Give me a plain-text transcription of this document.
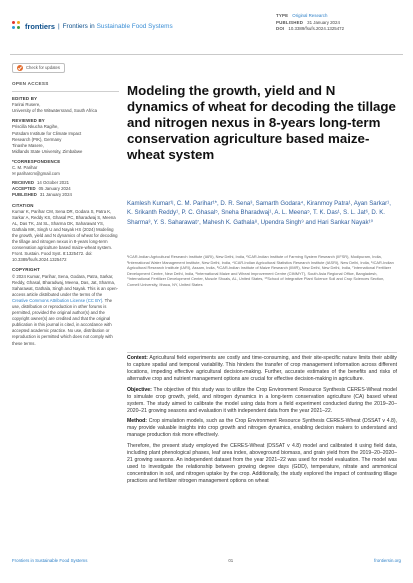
frontiers | Frontiers in Sustainable Food Systems
TYPE Original Research
PUBLISHED 31 January 2024
DOI 10.3389/fsufs.2024.1325472
Check for updates
OPEN ACCESS
EDITED BY
Farirai Rusere,
University of the Witwatersrand, South Africa
REVIEWED BY
Priscilla Nkucha Ragihe,
Potsdam Institute for Climate Impact
Research (PIK), Germany
Tinashe Masere,
Midlands State University, Zimbabwe
*CORRESPONDENCE
C. M. Parihar
✉ pariharcm@gmail.com
RECEIVED 14 October 2021
ACCEPTED 05 January 2024
PUBLISHED 31 January 2024
CITATION
Kumar K, Parihar CM, Sena DR, Godara S, Patra K, Sarkar A, Reddy KS, Ghasal PC, Bharadwaj S, Meena AL, Das TK, Jat SL, Sharma DK, Saharawat YS, Gathala MK, Singh U and Nayak HS (2024) Modeling the growth, yield and N dynamics of wheat for decoding the tillage and nitrogen nexus in 8-years long-term conservation agriculture based maize-wheat system. Front. Sustain. Food Syst. 8:1325472. doi: 10.3389/fsufs.2024.1325472
COPYRIGHT
© 2024 Kumar, Parihar, Sena, Godara, Patra, Sarkar, Reddy, Ghasal, Bharadwaj, Meena, Das, Jat, Sharma, Saharawat, Gathala, Singh and Nayak. This is an open-access article distributed under the terms of the Creative Commons Attribution License (CC BY). The use, distribution or reproduction in other forums is permitted, provided the original author(s) and the copyright owner(s) are credited and that the original publication in this journal is cited, in accordance with accepted academic practice. No use, distribution or reproduction is permitted which does not comply with these terms.
Modeling the growth, yield and N dynamics of wheat for decoding the tillage and nitrogen nexus in 8-years long-term conservation agriculture based maize-wheat system
Kamlesh Kumar¹ʲ, C. M. Parihar¹*, D. R. Sena³, Samarth Godara⁴, Kiranmoy Patra¹, Ayan Sarkar¹, K. Srikanth Reddy¹, P. C. Ghasal⁵, Sneha Bharadwaj¹, A. L. Meena⁵, T. K. Das¹, S. L. Jat⁶, D. K. Sharma³, Y. S. Saharawat⁷, Mahesh K. Gathala⁸, Upendra Singh⁹ and Hari Sankar Nayak¹⁰
¹ICAR-Indian Agricultural Research Institute (IARI), New Delhi, India, ²ICAR-Indian Institute of Farming System Research (IIFSR), Modipuram, India, ³International Water Management Institute, New Delhi, India, ⁴ICAR-Indian Agricultural Statistics Research Institute (IASRI), New Delhi, India, ⁵ICAR-Indian Agricultural Research Institute (IARI), Assam, India, ⁶ICAR-Indian Institute of Maize Research (IIMR), New Delhi, New Delhi, India, ⁷International Fertilizer Development Centre, New Delhi, India, ⁸International Maize and Wheat Improvement Centre (CIMMYT), South Asia Regional Office, Bangladesh, ⁹International Fertilizer Development Center, Muscle Shoals, AL, United States, ¹⁰School of Integrative Plant Science Soil and Crop Sciences Section, Cornell University, Ithaca, NY, United States

Context: Agricultural field experiments are costly and time-consuming, and their site-specific nature limits their ability to capture spatial and temporal variability. This hinders the transfer of crop management information across different locations, impeding effective agricultural decision-making. Further, accurate estimates of the benefits and risks of alternative crop and nutrient management options are crucial for effective decision-making in agriculture.

Objective: The objective of this study was to utilize the Crop Environment Resource Synthesis CERES-Wheat model to simulate crop growth, yield, and nitrogen dynamics in a long-term conservation agriculture (CA) based wheat system. The study aimed to calibrate the model using data from a field experiment conducted during the 2019–20–2020–21 growing seasons and evaluation it with independent data from the year 2021–22.

Method: Crop simulation models, such as the Crop Environment Resource Synthesis CERES-Wheat (DSSAT v 4.8), may provide valuable insights into crop growth and nitrogen dynamics, enabling decision makers to understand and manage production risk more effectively.

Therefore, the present study employed the CERES-Wheat (DSSAT v 4.8) model and calibrated it using field data, including plant phenological phases, leaf area index, aboveground biomass, and grain yield from the 2019–20–2020–21 growing seasons. An independent dataset from the year 2021–22 was used for model evaluation. The model was used to investigate the relationship between growing degree days (GDD), temperature, nitrate and ammonical concentration in soil, and nitrogen uptake by the crop. Additionally, the study explored the impact of contrasting tillage practices and fertilizer nitrogen management options on wheat

Frontiers in Sustainable Food Systems	01	frontiersin.org
